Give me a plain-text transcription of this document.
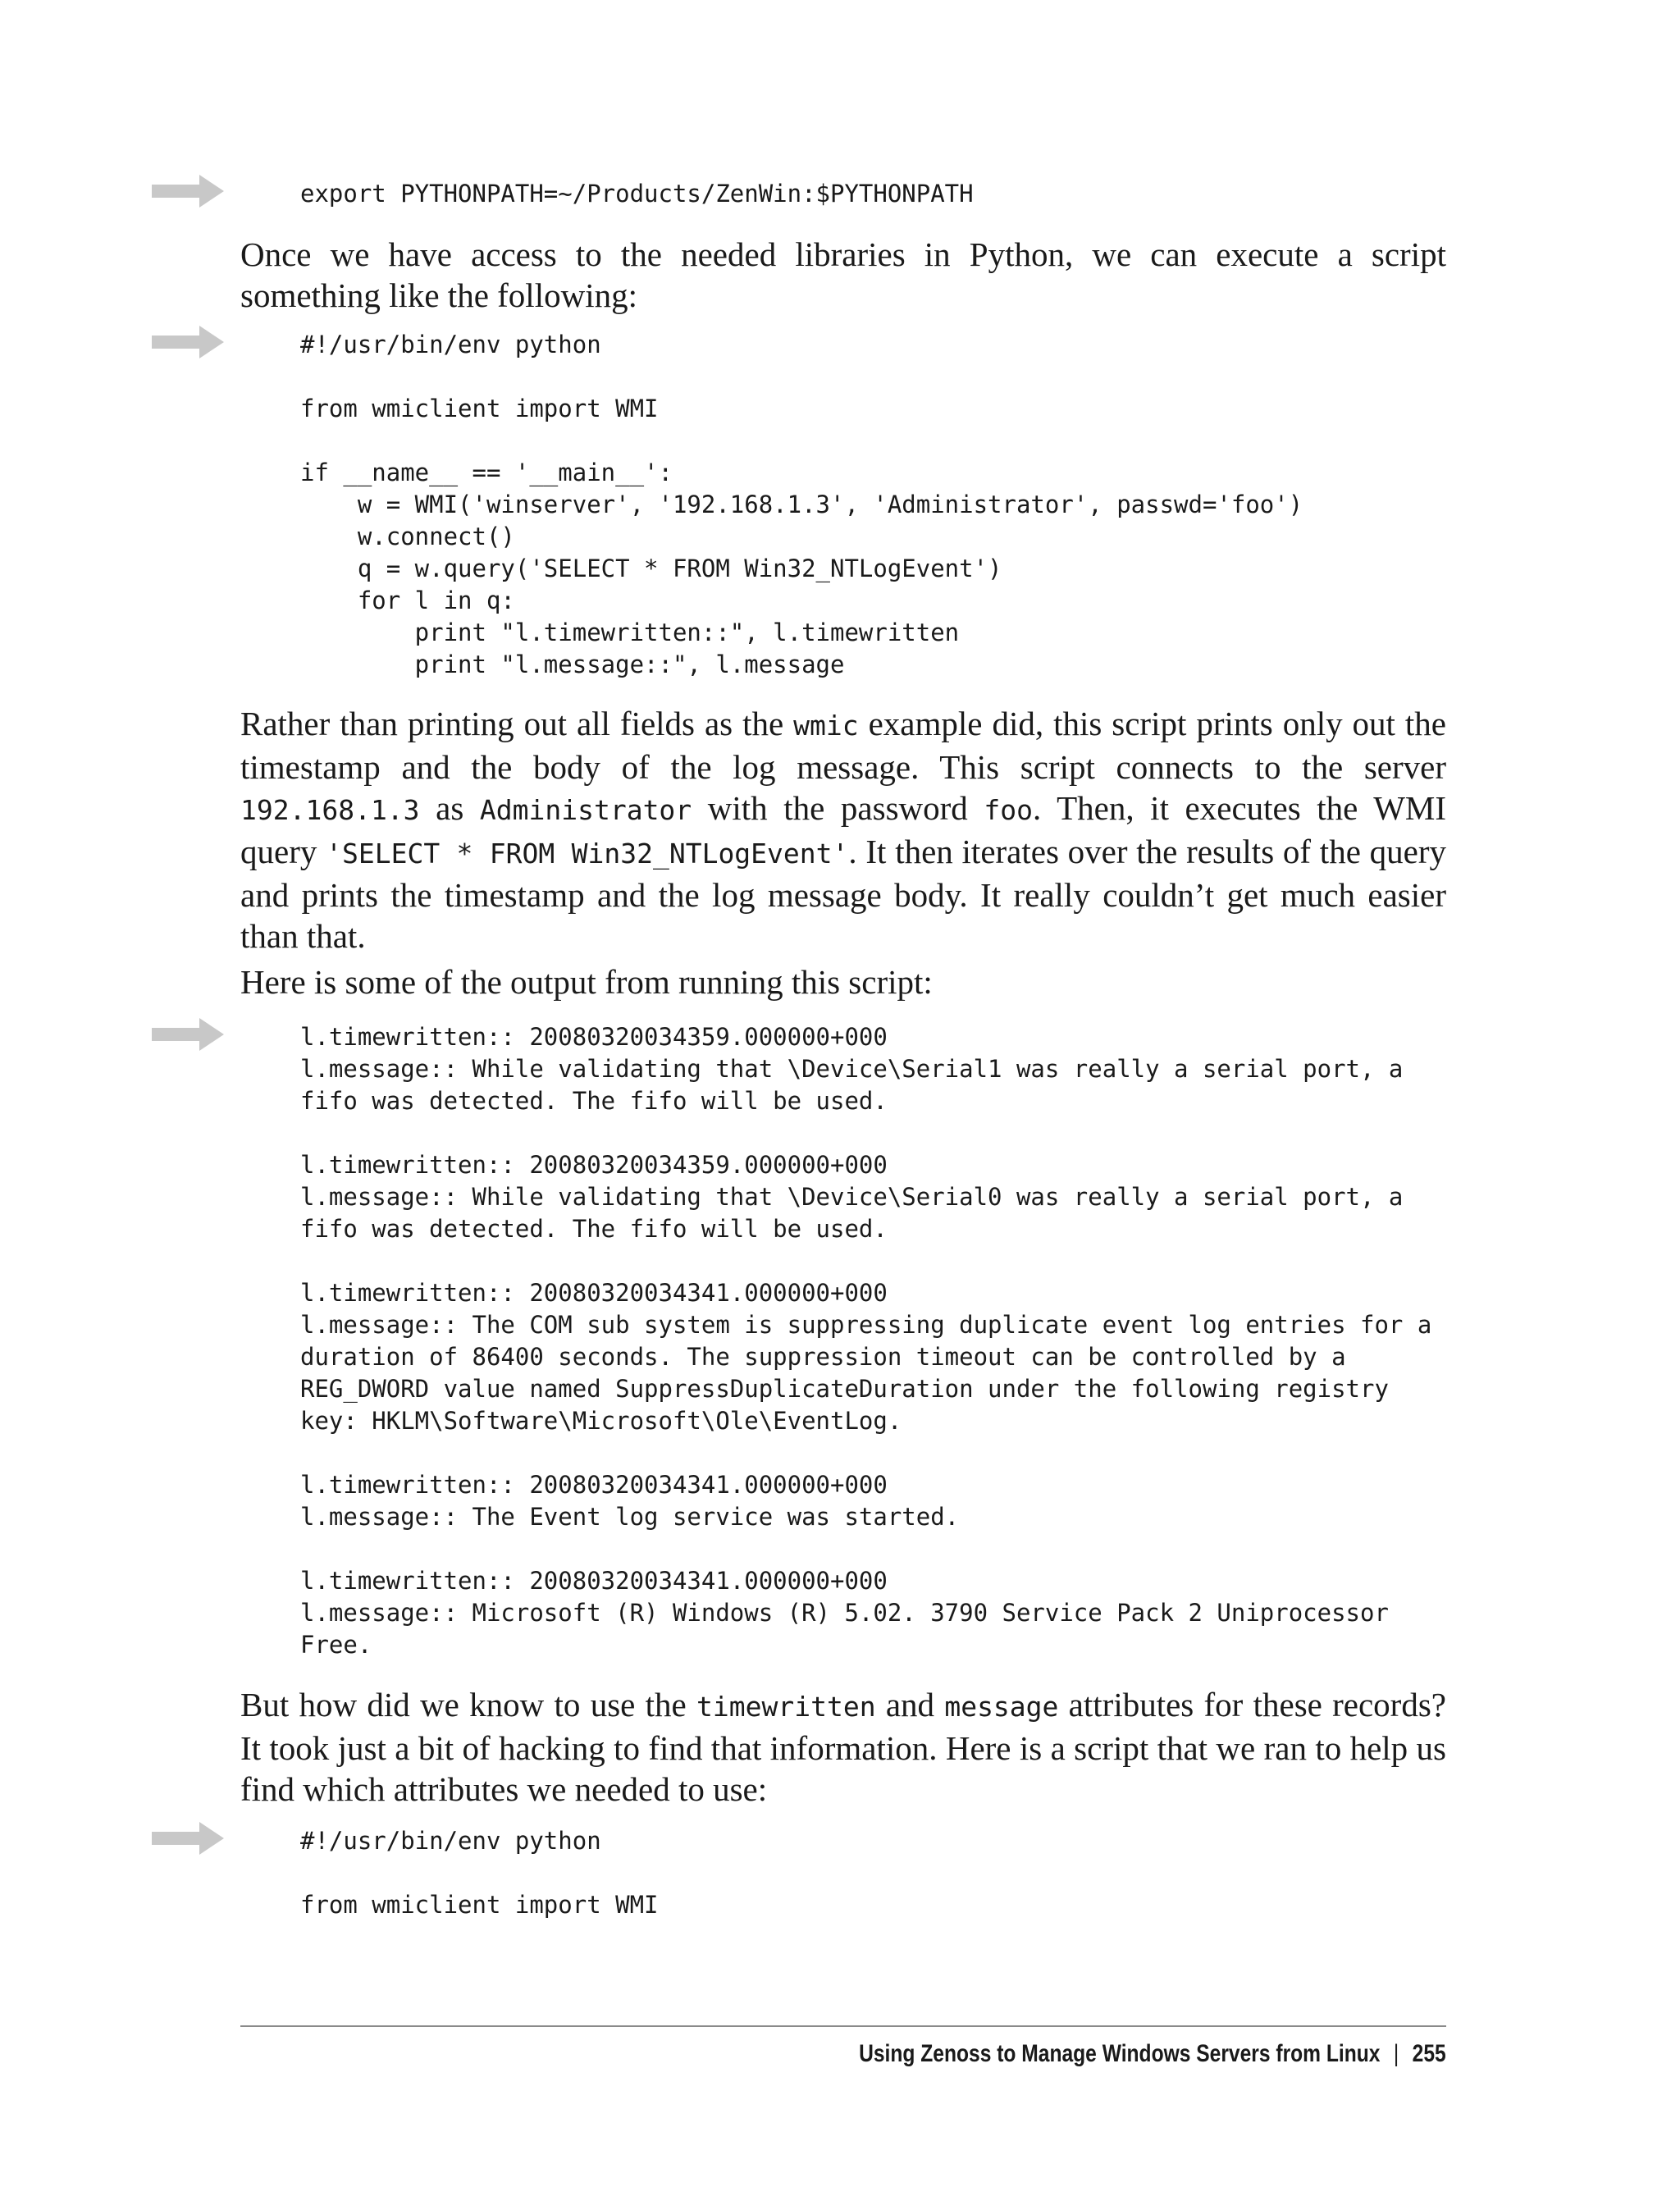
export PYTHONPATH=~/Products/ZenWin:$PYTHONPATH

Once we have access to the needed libraries in Python, we can execute a script something like the following:

#!/usr/bin/env python

from wmiclient import WMI

if __name__ == '__main__':
w = WMI('winserver', '192.168.1.3', 'Administrator', passwd='foo')
w.connect()
q = w.query('SELECT * FROM Win32_NTLogEvent')
for l in q:
print "l.timewritten::", l.timewritten
print "l.message::", l.message

Rather than printing out all fields as the wmic example did, this script prints only out the timestamp and the body of the log message. This script connects to the server 192.168.1.3 as Administrator with the password foo. Then, it executes the WMI query 'SELECT * FROM Win32_NTLogEvent'. It then iterates over the results of the query and prints the timestamp and the log message body. It really couldn’t get much easier than that.

Here is some of the output from running this script:

l.timewritten:: 20080320034359.000000+000
l.message:: While validating that \Device\Serial1 was really a serial port, a
fifo was detected. The fifo will be used.

l.timewritten:: 20080320034359.000000+000
l.message:: While validating that \Device\Serial0 was really a serial port, a
fifo was detected. The fifo will be used.

l.timewritten:: 20080320034341.000000+000
l.message:: The COM sub system is suppressing duplicate event log entries for a
duration of 86400 seconds. The suppression timeout can be controlled by a
REG_DWORD value named SuppressDuplicateDuration under the following registry
key: HKLM\Software\Microsoft\Ole\EventLog.

l.timewritten:: 20080320034341.000000+000
l.message:: The Event log service was started.

l.timewritten:: 20080320034341.000000+000
l.message:: Microsoft (R) Windows (R) 5.02. 3790 Service Pack 2 Uniprocessor
Free.

But how did we know to use the timewritten and message attributes for these records? It took just a bit of hacking to find that information. Here is a script that we ran to help us find which attributes we needed to use:

#!/usr/bin/env python

from wmiclient import WMI
Using Zenoss to Manage Windows Servers from Linux | 255
